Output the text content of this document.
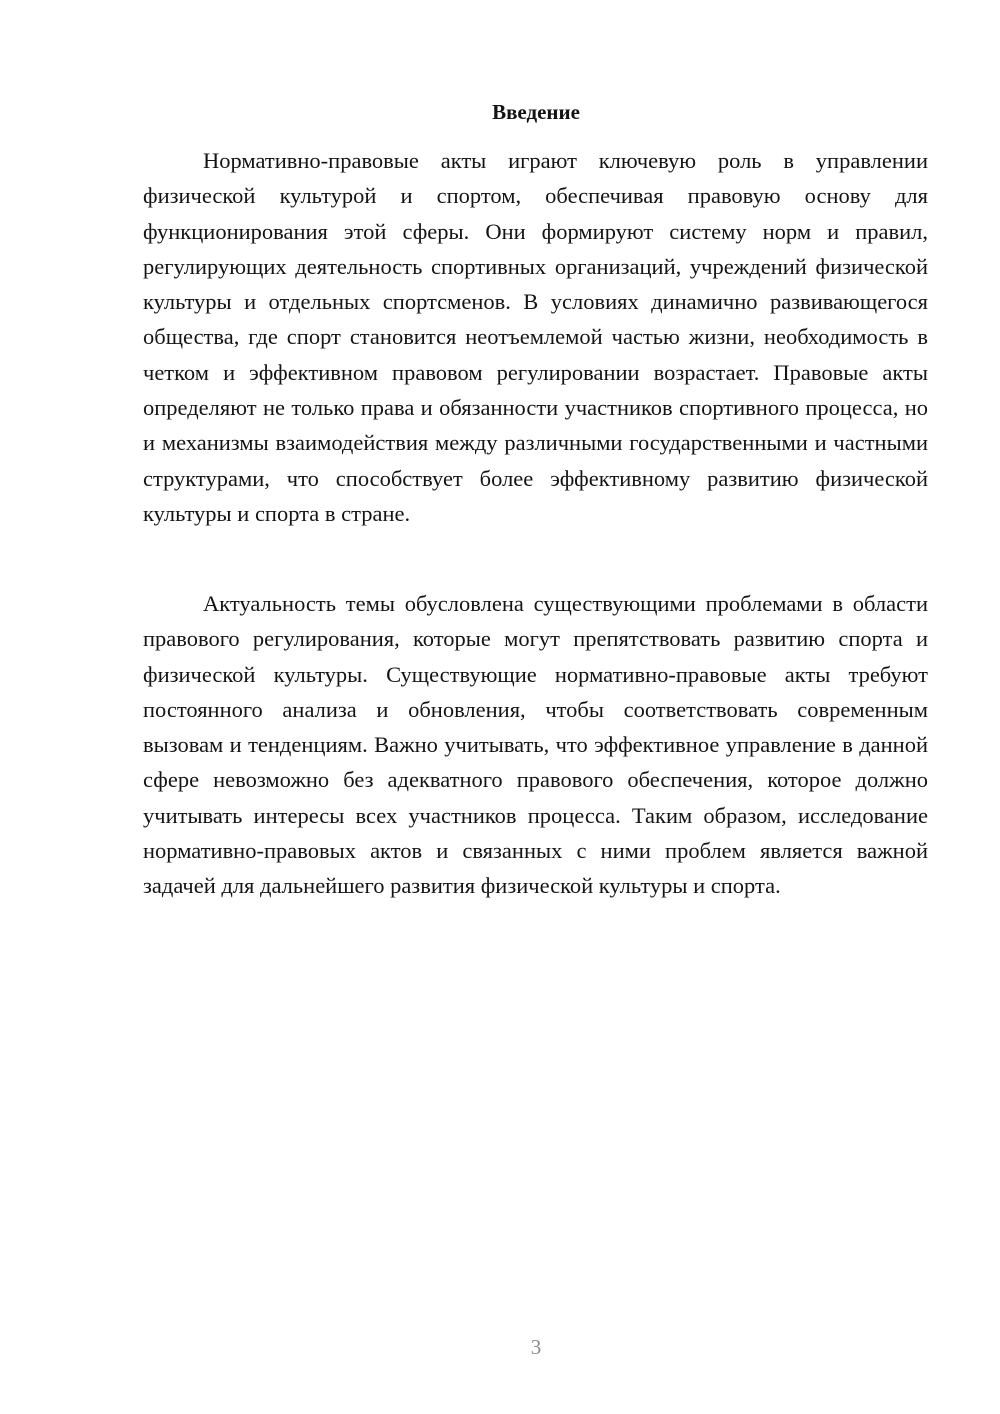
Введение

Нормативно-правовые акты играют ключевую роль в управлении физической культурой и спортом, обеспечивая правовую основу для функционирования этой сферы. Они формируют систему норм и правил, регулирующих деятельность спортивных организаций, учреждений физической культуры и отдельных спортсменов. В условиях динамично развивающегося общества, где спорт становится неотъемлемой частью жизни, необходимость в четком и эффективном правовом регулировании возрастает. Правовые акты определяют не только права и обязанности участников спортивного процесса, но и механизмы взаимодействия между различными государственными и частными структурами, что способствует более эффективному развитию физической культуры и спорта в стране.

Актуальность темы обусловлена существующими проблемами в области правового регулирования, которые могут препятствовать развитию спорта и физической культуры. Существующие нормативно-правовые акты требуют постоянного анализа и обновления, чтобы соответствовать современным вызовам и тенденциям. Важно учитывать, что эффективное управление в данной сфере невозможно без адекватного правового обеспечения, которое должно учитывать интересы всех участников процесса. Таким образом, исследование нормативно-правовых актов и связанных с ними проблем является важной задачей для дальнейшего развития физической культуры и спорта.

3
